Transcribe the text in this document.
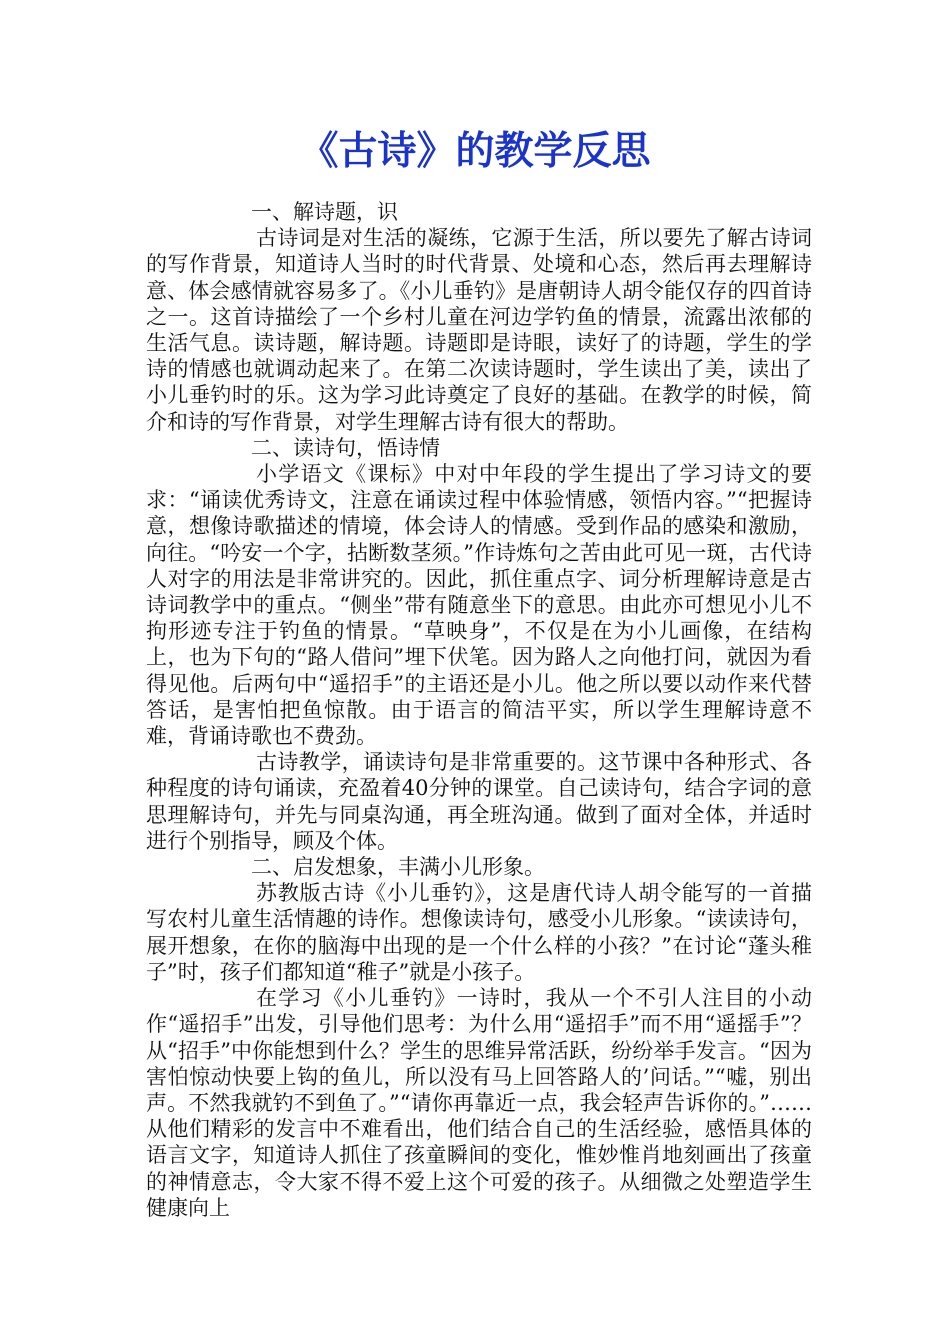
《古诗》的教学反思

一、解诗题，识

古诗词是对生活的凝练，它源于生活，所以要先了解古诗词的写作背景，知道诗人当时的时代背景、处境和心态，然后再去理解诗意、体会感情就容易多了。《小儿垂钓》是唐朝诗人胡令能仅存的四首诗之一。这首诗描绘了一个乡村儿童在河边学钓鱼的情景，流露出浓郁的生活气息。读诗题，解诗题。诗题即是诗眼，读好了的诗题，学生的学诗的情感也就调动起来了。在第二次读诗题时，学生读出了美，读出了小儿垂钓时的乐。这为学习此诗奠定了良好的基础。在教学的时候，简介和诗的写作背景，对学生理解古诗有很大的帮助。

二、读诗句，悟诗情

小学语文《课标》中对中年段的学生提出了学习诗文的要求：“诵读优秀诗文，注意在诵读过程中体验情感，领悟内容。”“把握诗意，想像诗歌描述的情境，体会诗人的情感。受到作品的感染和激励，向往。“吟安一个字，拈断数茎须。”作诗炼句之苦由此可见一斑，古代诗人对字的用法是非常讲究的。因此，抓住重点字、词分析理解诗意是古诗词教学中的重点。“侧坐”带有随意坐下的意思。由此亦可想见小儿不拘形迹专注于钓鱼的情景。“草映身”，不仅是在为小儿画像，在结构上，也为下句的“路人借问”埋下伏笔。因为路人之向他打问，就因为看得见他。后两句中“遥招手”的主语还是小儿。他之所以要以动作来代替答话，是害怕把鱼惊散。由于语言的简洁平实，所以学生理解诗意不难，背诵诗歌也不费劲。

古诗教学，诵读诗句是非常重要的。这节课中各种形式、各种程度的诗句诵读，充盈着40分钟的课堂。自己读诗句，结合字词的意思理解诗句，并先与同桌沟通，再全班沟通。做到了面对全体，并适时进行个别指导，顾及个体。

二、启发想象，丰满小儿形象。

苏教版古诗《小儿垂钓》，这是唐代诗人胡令能写的一首描写农村儿童生活情趣的诗作。想像读诗句，感受小儿形象。“读读诗句，展开想象，在你的脑海中出现的是一个什么样的小孩？”在讨论“蓬头稚子”时，孩子们都知道“稚子”就是小孩子。

在学习《小儿垂钓》一诗时，我从一个不引人注目的小动作“遥招手”出发，引导他们思考：为什么用“遥招手”而不用“遥摇手”？从“招手”中你能想到什么？学生的思维异常活跃，纷纷举手发言。“因为害怕惊动快要上钩的鱼儿，所以没有马上回答路人的’问话。”“嘘，别出声。不然我就钓不到鱼了。”“请你再靠近一点，我会轻声告诉你的。”……从他们精彩的发言中不难看出，他们结合自己的生活经验，感悟具体的语言文字，知道诗人抓住了孩童瞬间的变化，惟妙惟肖地刻画出了孩童的神情意志，令大家不得不爱上这个可爱的孩子。从细微之处塑造学生健康向上
